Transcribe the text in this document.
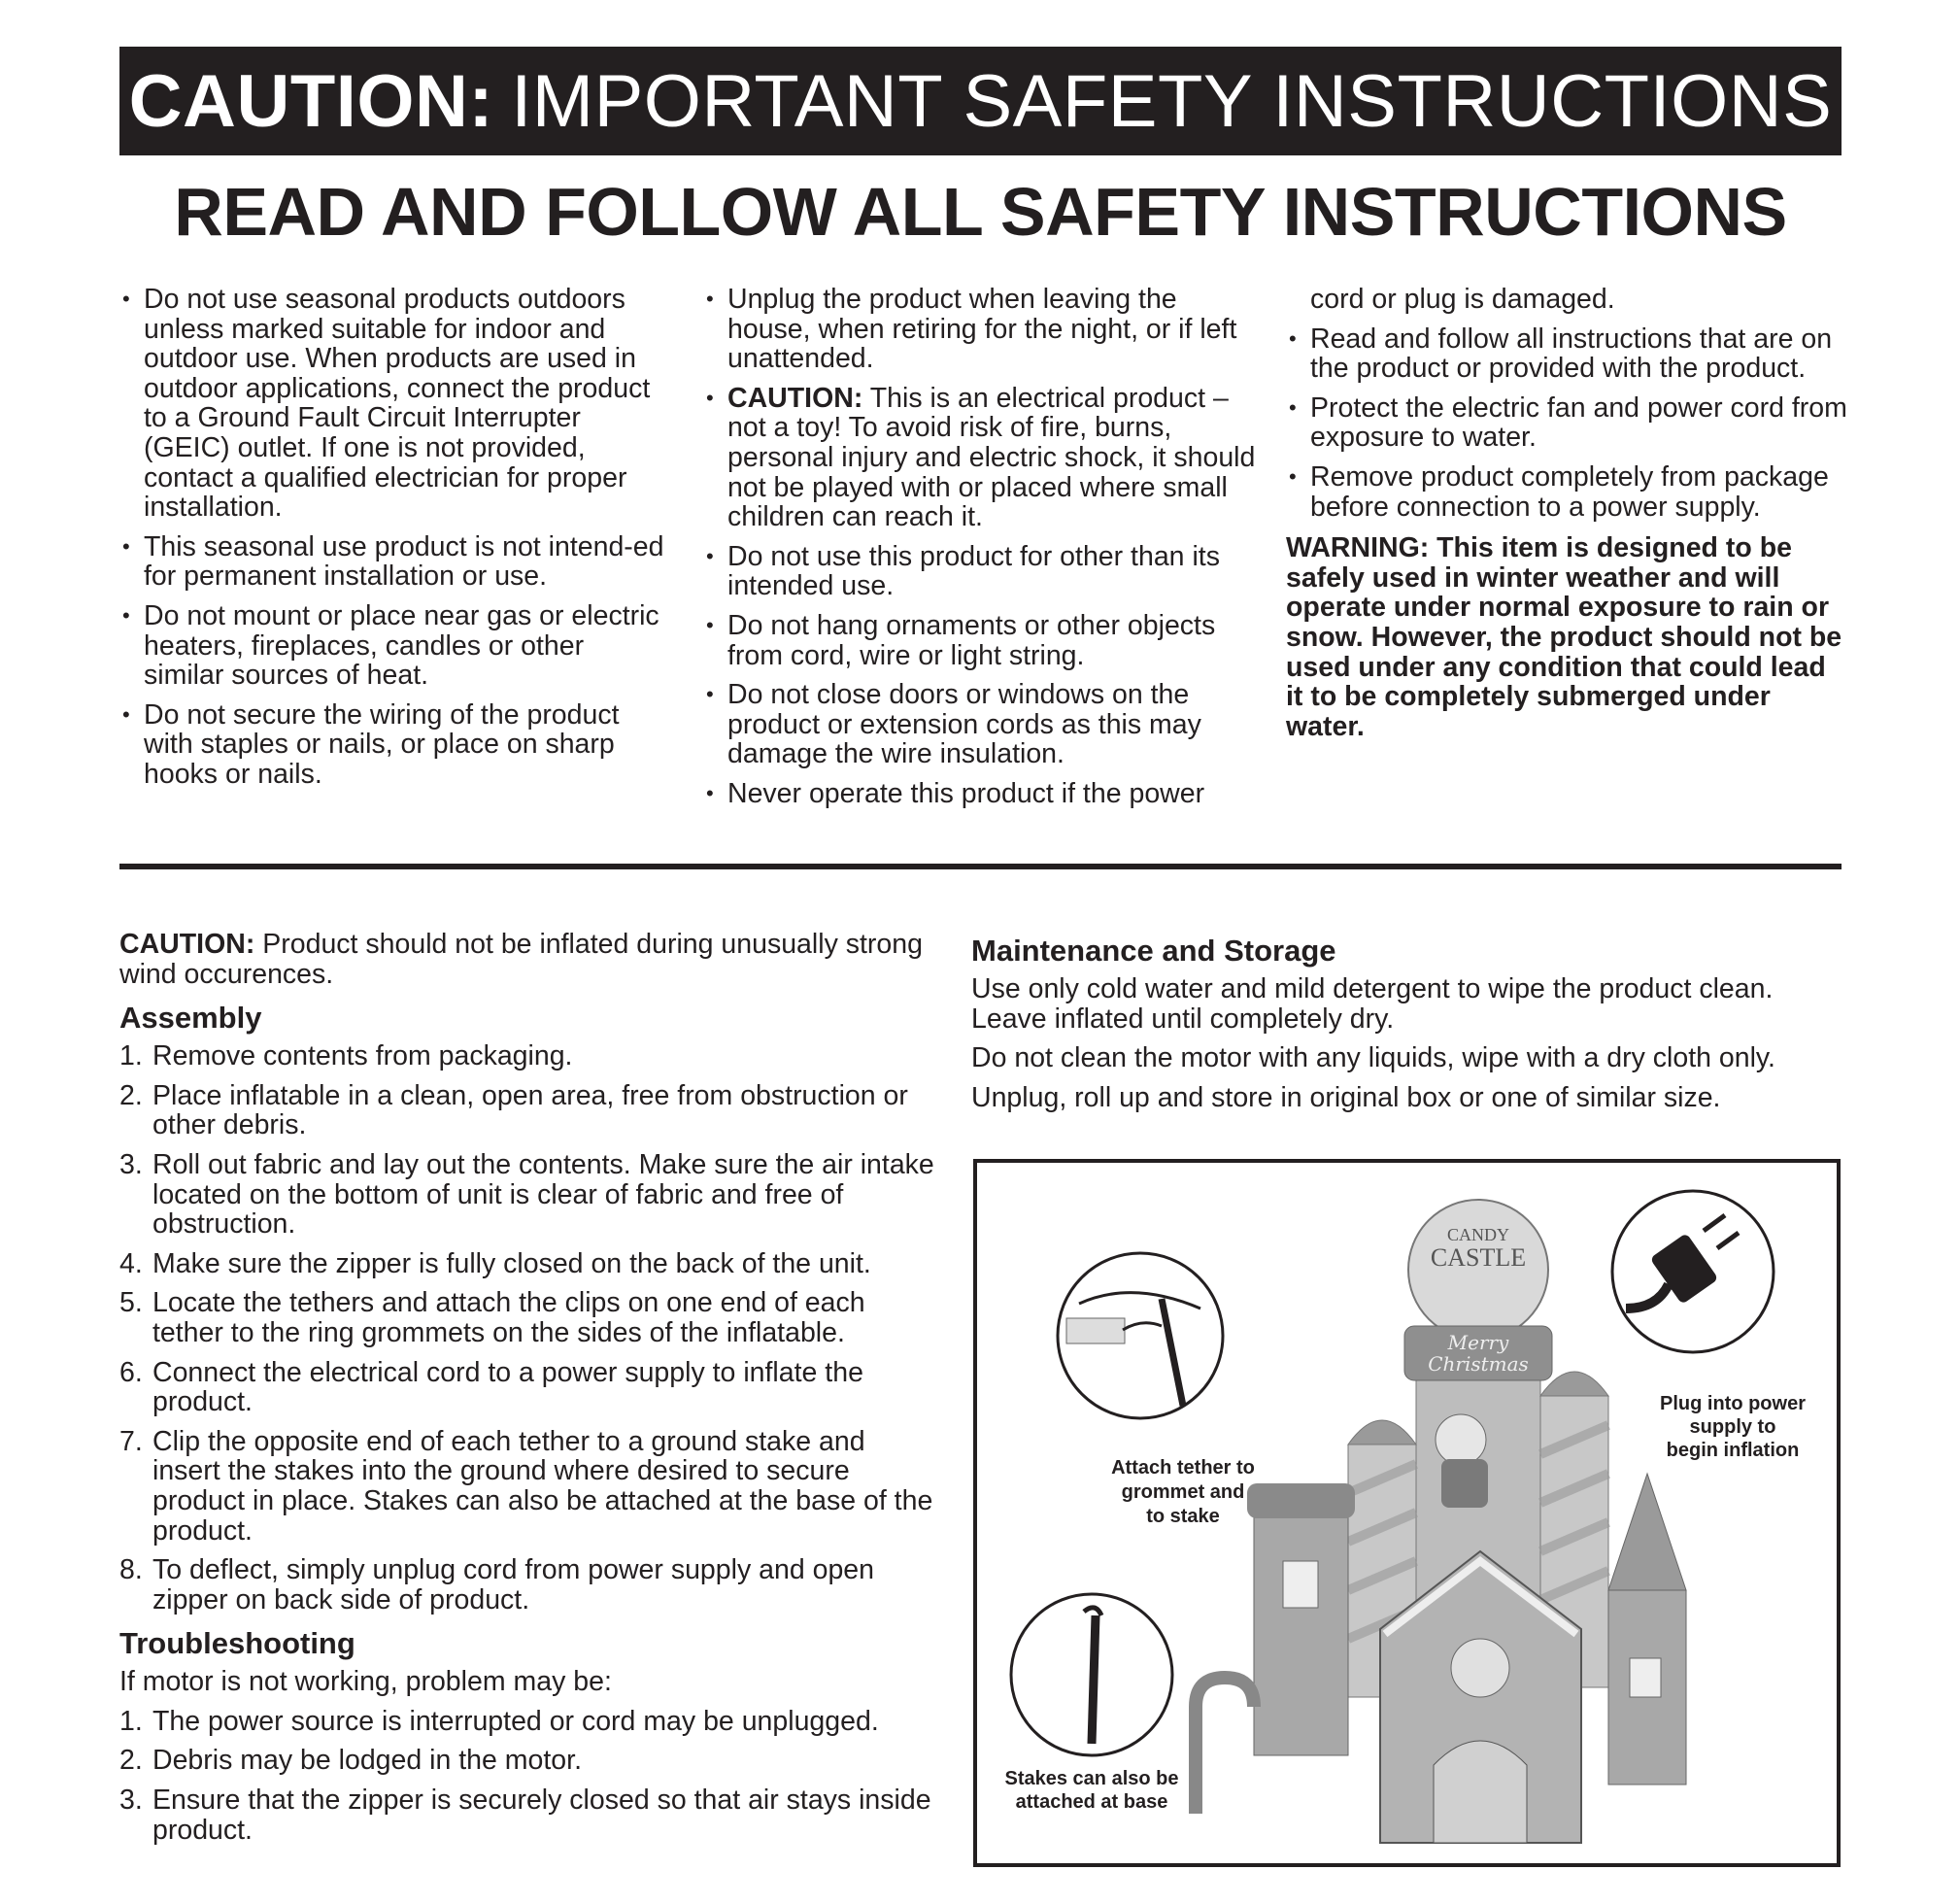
CAUTION: IMPORTANT SAFETY INSTRUCTIONS
READ AND FOLLOW ALL SAFETY INSTRUCTIONS
• Do not use seasonal products outdoors unless marked suitable for indoor and outdoor use. When products are used in outdoor applications, connect the product to a Ground Fault Circuit Interrupter (GEIC) outlet. If one is not provided, contact a qualified electrician for proper installation.
• This seasonal use product is not intend-ed for permanent installation or use.
• Do not mount or place near gas or electric heaters, fireplaces, candles or other similar sources of heat.
• Do not secure the wiring of the product with staples or nails, or place on sharp hooks or nails.
• Unplug the product when leaving the house, when retiring for the night, or if left unattended.
• CAUTION: This is an electrical product – not a toy! To avoid risk of fire, burns, personal injury and electric shock, it should not be played with or placed where small children can reach it.
• Do not use this product for other than its intended use.
• Do not hang ornaments or other objects from cord, wire or light string.
• Do not close doors or windows on the product or extension cords as this may damage the wire insulation.
• Never operate this product if the power
cord or plug is damaged.
• Read and follow all instructions that are on the product or provided with the product.
• Protect the electric fan and power cord from exposure to water.
• Remove product completely from package before connection to a power supply.
WARNING: This item is designed to be safely used in winter weather and will operate under normal exposure to rain or snow. However, the product should not be used under any condition that could lead it to be completely submerged under water.
CAUTION: Product should not be inflated during unusually strong wind occurences.
Assembly
1. Remove contents from packaging.
2. Place inflatable in a clean, open area, free from obstruction or other debris.
3. Roll out fabric and lay out the contents. Make sure the air intake located on the bottom of unit is clear of fabric and free of obstruction.
4. Make sure the zipper is fully closed on the back of the unit.
5. Locate the tethers and attach the clips on one end of each tether to the ring grommets on the sides of the inflatable.
6. Connect the electrical cord to a power supply to inflate the product.
7. Clip the opposite end of each tether to a ground stake and insert the stakes into the ground where desired to secure product in place. Stakes can also be attached at the base of the product.
8. To deflect, simply unplug cord from power supply and open zipper on back side of product.
Troubleshooting
If motor is not working, problem may be:
1. The power source is interrupted or cord may be unplugged.
2. Debris may be lodged in the motor.
3. Ensure that the zipper is securely closed so that air stays inside product.
Maintenance and Storage
Use only cold water and mild detergent to wipe the product clean. Leave inflated until completely dry.
Do not clean the motor with any liquids, wipe with a dry cloth only.
Unplug, roll up and store in original box or one of similar size.
CANDY
CASTLE
Merry
Christmas
Attach tether to
grommet and
to stake
Stakes can also be
attached at base
Plug into power
supply to
begin inflation
